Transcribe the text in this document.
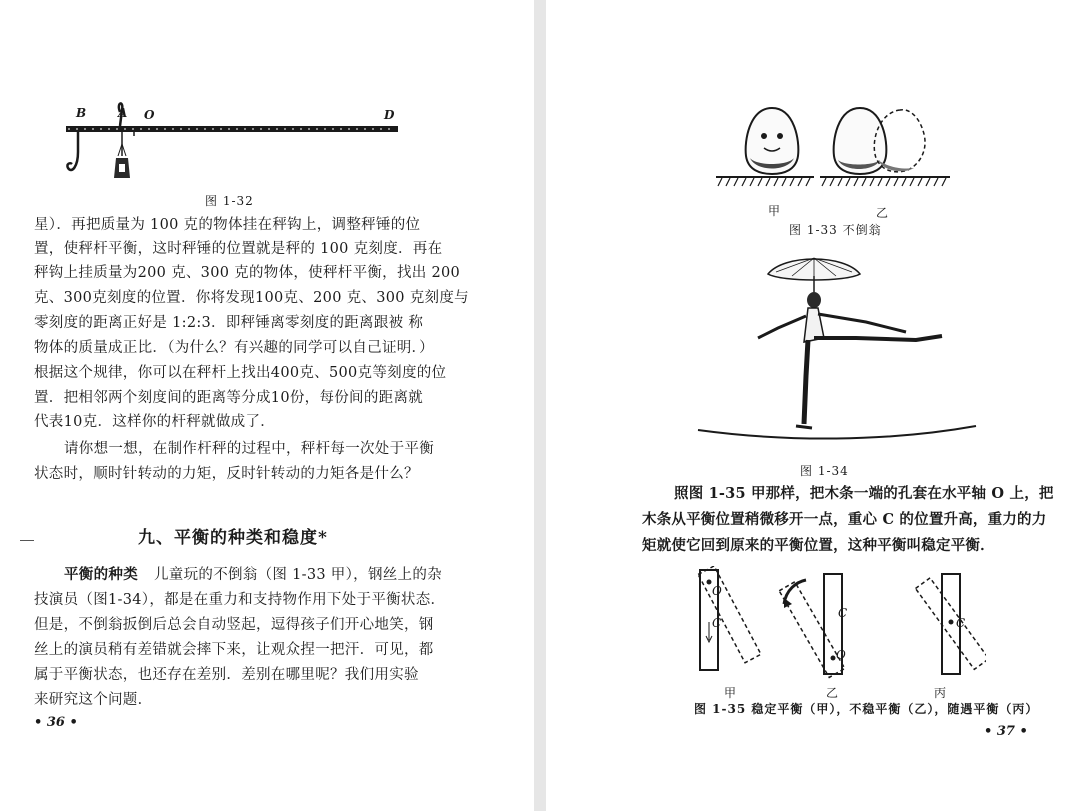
B	A O	D
图 1-32
星）．再把质量为 100 克的物体挂在秤钩上，调整秤锤的位
置，使秤杆平衡，这时秤锤的位置就是秤的 100 克刻度．再在
秤钩上挂质量为200 克、300 克的物体，使秤杆平衡，找出 200
克、300克刻度的位置．你将发现100克、200 克、300 克刻度与
零刻度的距离正好是 1:2:3．即秤锤离零刻度的距离跟被 称
物体的质量成正比．（为什么？有兴趣的同学可以自己证明．）
根据这个规律，你可以在秤杆上找出400克、500克等刻度的位
置．把相邻两个刻度间的距离等分成10份，每份间的距离就
代表10克．这样你的杆秤就做成了．
请你想一想，在制作杆秤的过程中，秤杆每一次处于平衡
状态时，顺时针转动的力矩，反时针转动的力矩各是什么？
九、平衡的种类和稳度*
平衡的种类 儿童玩的不倒翁（图 1-33 甲），钢丝上的杂
技演员（图1-34），都是在重力和支持物作用下处于平衡状态．
但是，不倒翁扳倒后总会自动竖起，逗得孩子们开心地笑，钢
丝上的演员稍有差错就会摔下来，让观众捏一把汗．可见，都
属于平衡状态，也还存在差别．差别在哪里呢？我们用实验
来研究这个问题．
• 36 •
甲	乙
图 1-33 不倒翁
图 1-34
照图 1-35 甲那样，把木条一端的孔套在水平轴 O 上，把
木条从平衡位置稍微移开一点，重心 C 的位置升高，重力的力
矩就使它回到原来的平衡位置，这种平衡叫稳定平衡．
O
C
C
O
C
甲	乙	丙
图 1-35 稳定平衡（甲），不稳平衡（乙），随遇平衡（丙）
• 37 •
